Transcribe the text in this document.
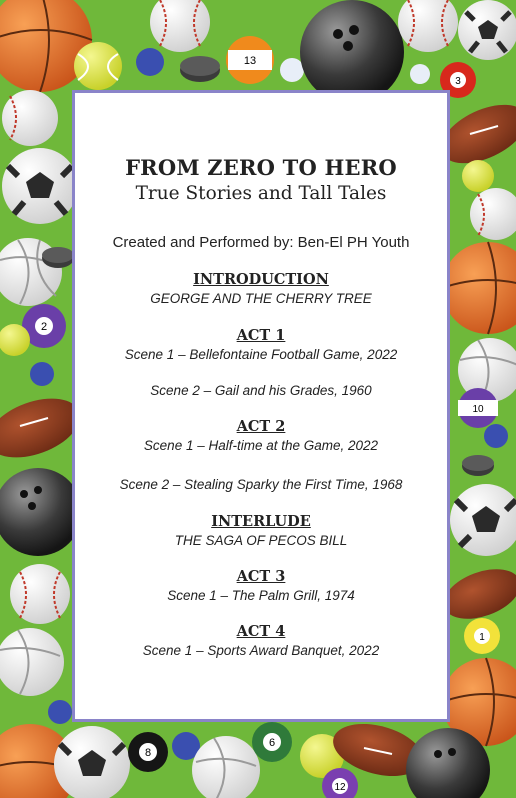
13
3
2
10
1
8
6
12
FROM ZERO TO HERO
True Stories and Tall Tales
Created and Performed by: Ben-El PH Youth
INTRODUCTION
GEORGE AND THE CHERRY TREE
ACT 1
Scene 1 – Bellefontaine Football Game, 2022
Scene 2 – Gail and his Grades, 1960
ACT 2
Scene 1 – Half-time at the Game, 2022
Scene 2 – Stealing Sparky the First Time, 1968
INTERLUDE
THE SAGA OF PECOS BILL
ACT 3
Scene 1 – The Palm Grill, 1974
ACT 4
Scene 1 – Sports Award Banquet, 2022
